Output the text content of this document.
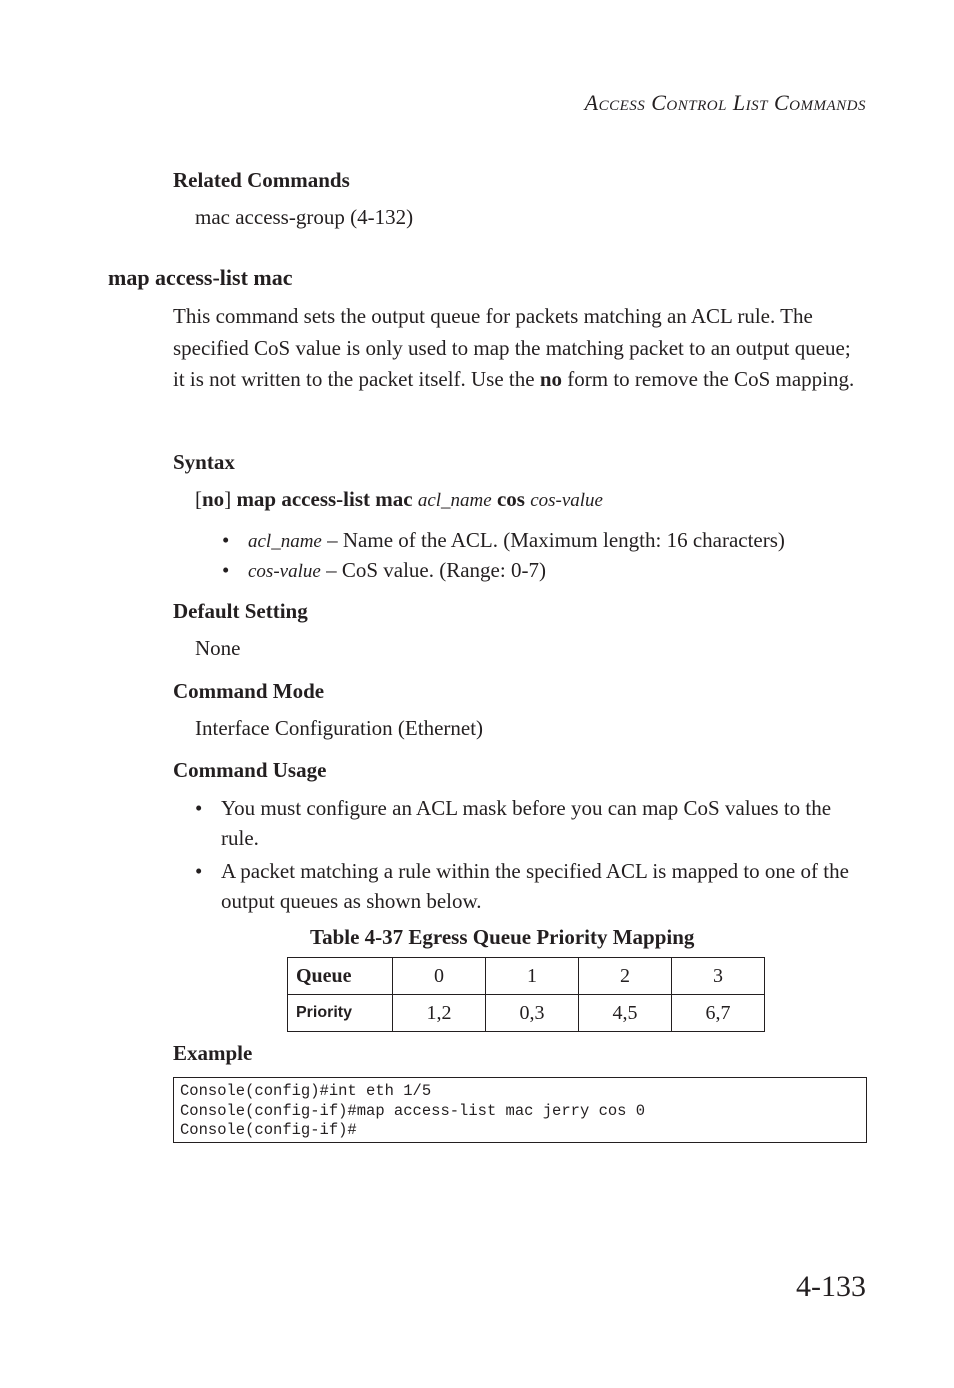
Access Control List Commands
Related Commands
mac access-group (4-132)
map access-list mac
This command sets the output queue for packets matching an ACL rule. The specified CoS value is only used to map the matching packet to an output queue; it is not written to the packet itself. Use the no form to remove the CoS mapping.
Syntax
[no] map access-list mac acl_name cos cos-value
• acl_name – Name of the ACL. (Maximum length: 16 characters)
• cos-value – CoS value. (Range: 0-7)
Default Setting
None
Command Mode
Interface Configuration (Ethernet)
Command Usage
• You must configure an ACL mask before you can map CoS values to the rule.
• A packet matching a rule within the specified ACL is mapped to one of the output queues as shown below.
Table 4-37 Egress Queue Priority Mapping
Queue	0	1	2	3
Priority	1,2	0,3	4,5	6,7
Example
Console(config)#int eth 1/5
Console(config-if)#map access-list mac jerry cos 0
Console(config-if)#
4-133
